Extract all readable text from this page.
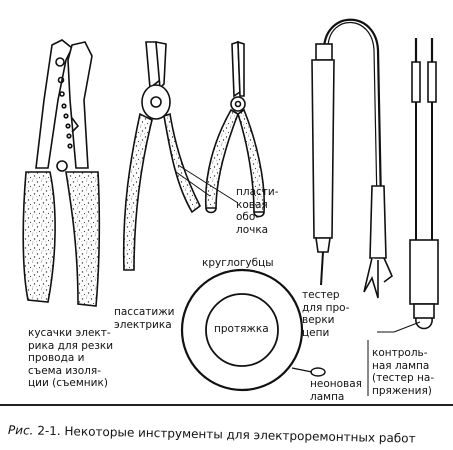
кусачки элект-
рика для резки
провода и
съема изоля-
ции (съемник)

пассатижи
электрика

пласти-
ковая
обо-
лочка

круглогубцы

протяжка

тестер
для про-
верки
цепи

неоновая
лампа

контроль-
ная лампа
(тестер на-
пряжения)

Рис. 2-1. Некоторые инструменты для электроремонтных работ
